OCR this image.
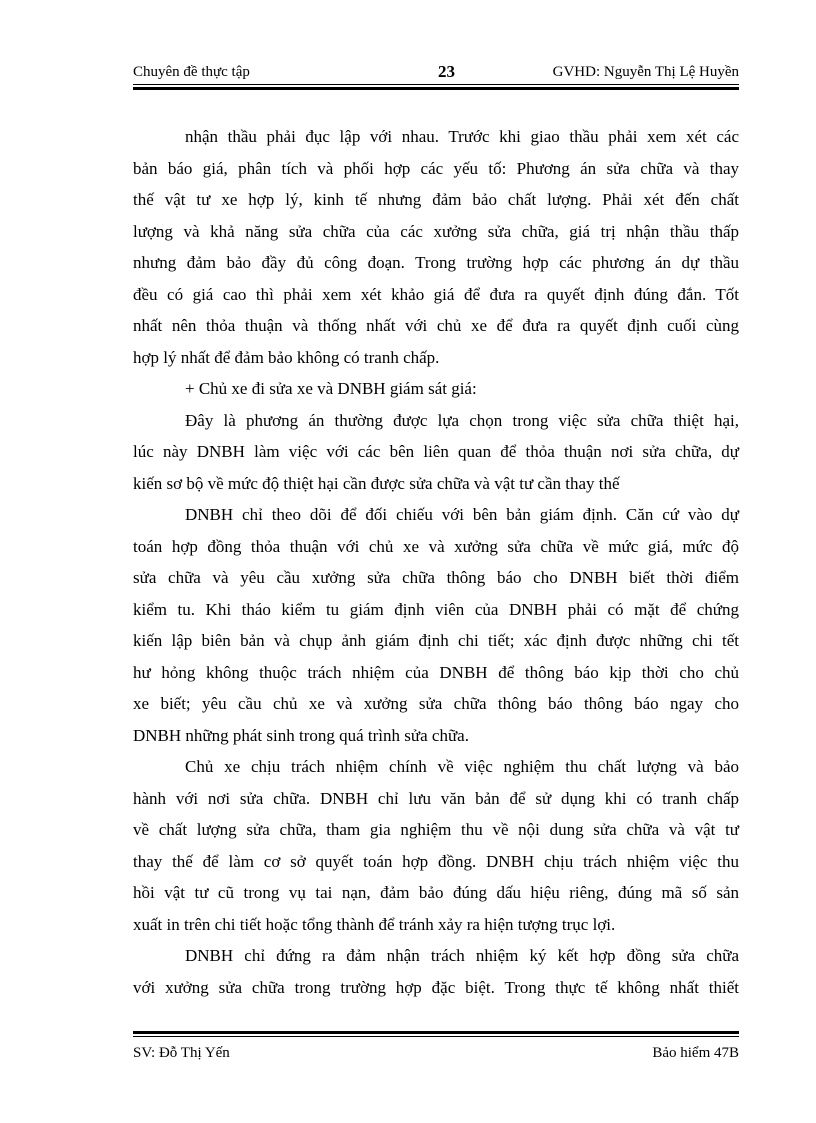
Chuyên đề thực tập	23	GVHD: Nguyễn Thị Lệ Huyền
nhận thầu phải đục lập với nhau. Trước khi giao thầu phải xem xét các
bản báo giá, phân tích và phối hợp các yếu tố: Phương án sửa chữa và thay
thế vật tư xe hợp lý, kinh tế nhưng đảm bảo chất lượng. Phải xét đến chất
lượng và khả năng sửa chữa của các xưởng sửa chữa, giá trị nhận thầu thấp
nhưng đảm bảo đầy đủ công đoạn. Trong trường hợp các phương án dự thầu
đều có giá cao thì phải xem xét khảo giá để đưa ra quyết định đúng đắn. Tốt
nhất nên thỏa thuận và thống nhất với chủ xe để đưa ra quyết định cuối cùng
hợp lý nhất để đảm bảo không có tranh chấp.
+ Chủ xe đi sửa xe và DNBH giám sát giá:
Đây là phương án thường được lựa chọn trong việc sửa chữa thiệt hại,
lúc này DNBH làm việc với các bên liên quan để thỏa thuận nơi sửa chữa, dự
kiến sơ bộ về mức độ thiệt hại cần được sửa chữa và vật tư cần thay thế
DNBH chỉ theo dõi để đối chiếu với bên bản giám định. Căn cứ vào dự
toán hợp đồng thỏa thuận với chủ xe và xưởng sửa chữa về mức giá, mức độ
sửa chữa và yêu cầu xưởng sửa chữa thông báo cho DNBH biết thời điểm
kiểm tu. Khi tháo kiểm tu giám định viên của DNBH phải có mặt để chứng
kiến lập biên bản và chụp ảnh giám định chi tiết; xác định được những chi tết
hư hỏng không thuộc trách nhiệm của DNBH để thông báo kịp thời cho chủ
xe biết; yêu cầu chủ xe và xưởng sửa chữa thông báo thông báo ngay cho
DNBH những phát sinh trong quá trình sửa chữa.
Chủ xe chịu trách nhiệm chính về việc nghiệm thu chất lượng và bảo
hành với nơi sửa chữa. DNBH chỉ lưu văn bản để sử dụng khi có tranh chấp
về chất lượng sửa chữa, tham gia nghiệm thu về nội dung sửa chữa và vật tư
thay thế để làm cơ sở quyết toán hợp đồng. DNBH chịu trách nhiệm việc thu
hồi vật tư cũ trong vụ tai nạn, đảm bảo đúng dấu hiệu riêng, đúng mã số sản
xuất in trên chi tiết hoặc tổng thành để tránh xảy ra hiện tượng trục lợi.
DNBH chỉ đứng ra đảm nhận trách nhiệm ký kết hợp đồng sửa chữa
với xưởng sửa chữa trong trường hợp đặc biệt. Trong thực tế không nhất thiết
SV: Đỗ Thị Yến	Bảo hiểm 47B
